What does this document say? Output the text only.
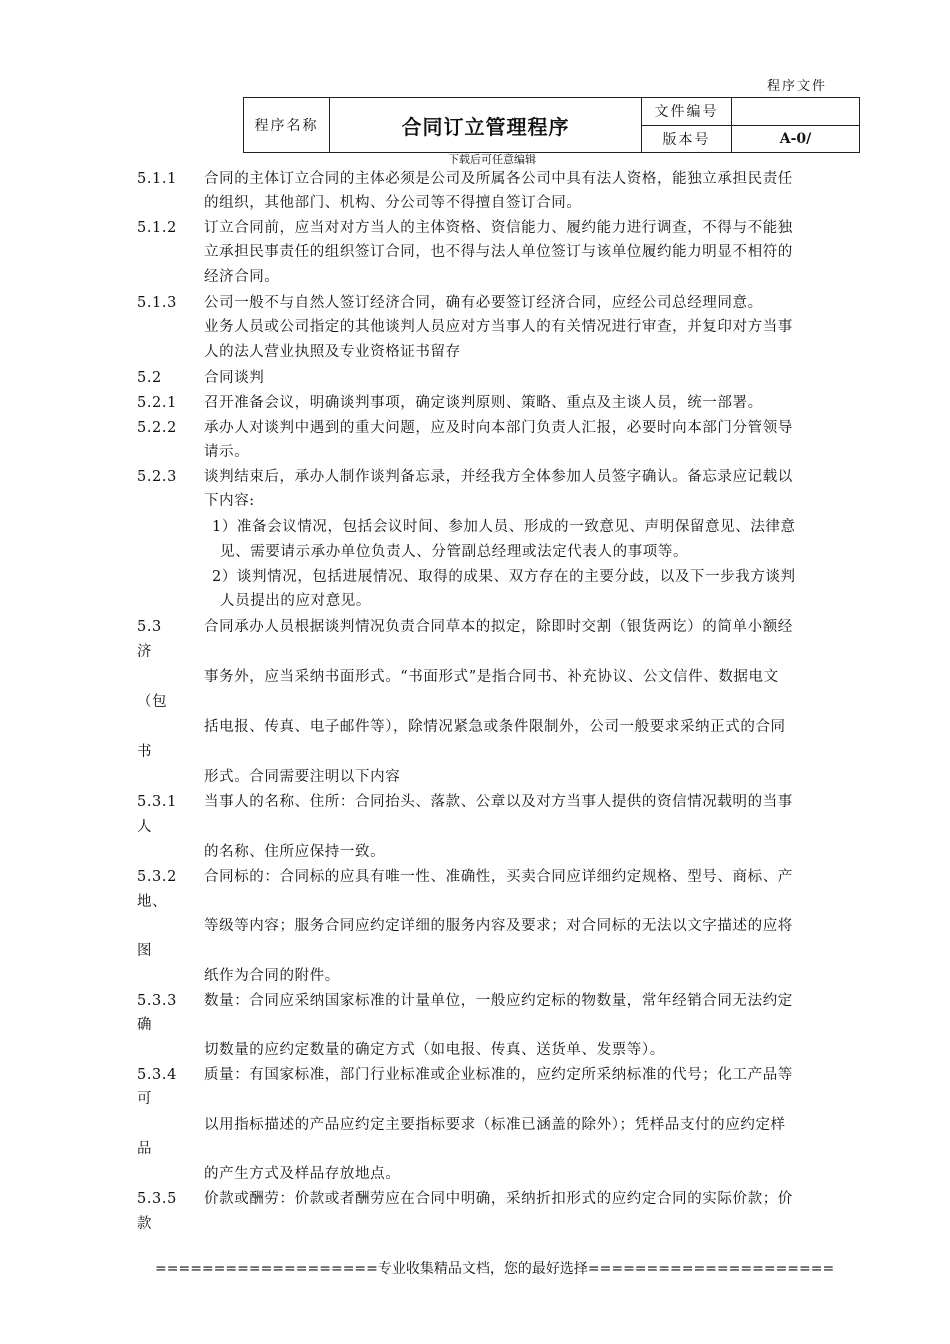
程序文件
程序名称	合同订立管理程序	文件编号	
		版本号	A-0/
下载后可任意编辑
5.1.1 合同的主体订立合同的主体必须是公司及所属各公司中具有法人资格，能独立承担民责任
的组织，其他部门、机构、分公司等不得擅自签订合同。
5.1.2 订立合同前，应当对对方当人的主体资格、资信能力、履约能力进行调查，不得与不能独
立承担民事责任的组织签订合同，也不得与法人单位签订与该单位履约能力明显不相符的
经济合同。
5.1.3 公司一般不与自然人签订经济合同，确有必要签订经济合同，应经公司总经理同意。
业务人员或公司指定的其他谈判人员应对方当事人的有关情况进行审查，并复印对方当事
人的法人营业执照及专业资格证书留存
5.2	合同谈判
5.2.1 召开准备会议，明确谈判事项，确定谈判原则、策略、重点及主谈人员，统一部署。
5.2.2 承办人对谈判中遇到的重大问题，应及时向本部门负责人汇报，必要时向本部门分管领导
请示。
5.2.3 谈判结束后，承办人制作谈判备忘录，并经我方全体参加人员签字确认。备忘录应记载以
下内容:
1）准备会议情况，包括会议时间、参加人员、形成的一致意见、声明保留意见、法律意
见、需要请示承办单位负责人、分管副总经理或法定代表人的事项等。
2）谈判情况，包括进展情况、取得的成果、双方存在的主要分歧，以及下一步我方谈判
人员提出的应对意见。
5.3	合同承办人员根据谈判情况负责合同草本的拟定，除即时交割（银货两讫）的简单小额经
济
事务外，应当采纳书面形式。“书面形式”是指合同书、补充协议、公文信件、数据电文
（包
括电报、传真、电子邮件等），除情况紧急或条件限制外，公司一般要求采纳正式的合同
书
形式。合同需要注明以下内容
5.3.1 当事人的名称、住所：合同抬头、落款、公章以及对方当事人提供的资信情况载明的当事
人
的名称、住所应保持一致。
5.3.2 合同标的：合同标的应具有唯一性、准确性，买卖合同应详细约定规格、型号、商标、产
地、
等级等内容；服务合同应约定详细的服务内容及要求；对合同标的无法以文字描述的应将
图
纸作为合同的附件。
5.3.3 数量：合同应采纳国家标准的计量单位，一般应约定标的物数量，常年经销合同无法约定
确
切数量的应约定数量的确定方式（如电报、传真、送货单、发票等）。
5.3.4 质量：有国家标准，部门行业标准或企业标准的，应约定所采纳标准的代号；化工产品等
可
以用指标描述的产品应约定主要指标要求（标准已涵盖的除外）；凭样品支付的应约定样
品
的产生方式及样品存放地点。
5.3.5 价款或酬劳：价款或者酬劳应在合同中明确，采纳折扣形式的应约定合同的实际价款；价
款
===================专业收集精品文档，您的最好选择=====================
